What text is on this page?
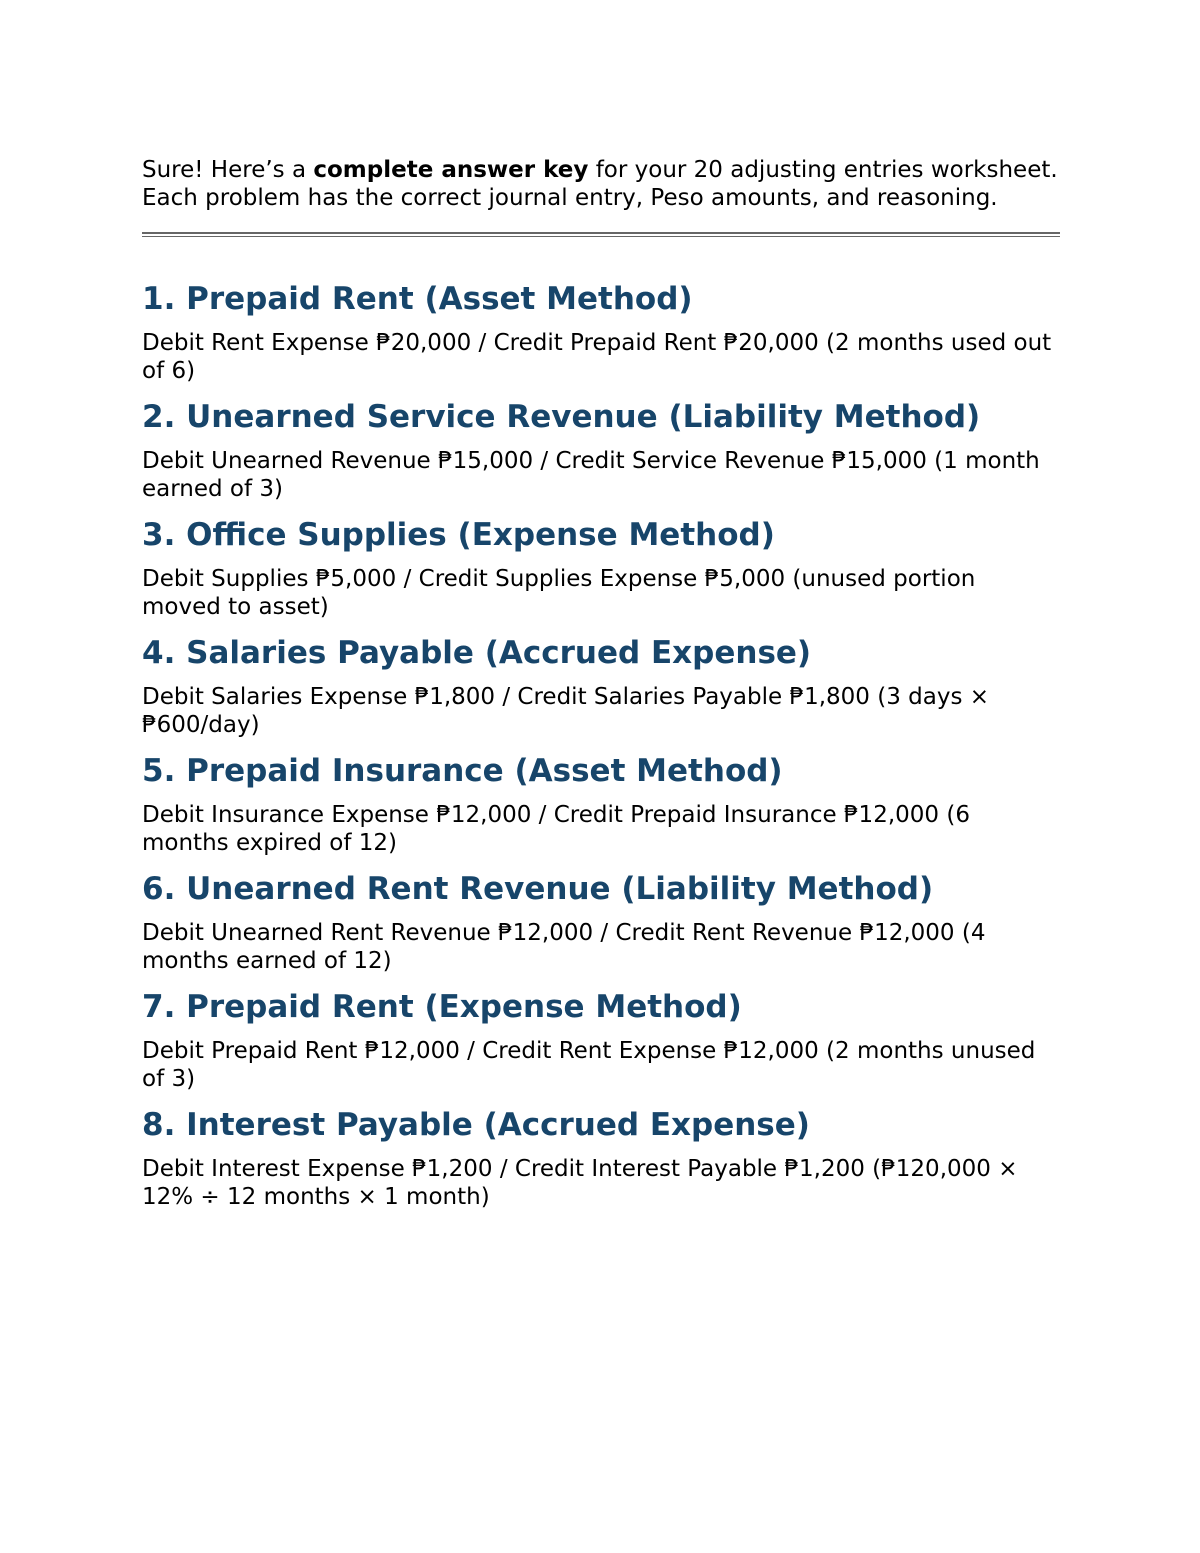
Sure! Here’s a complete answer key for your 20 adjusting entries worksheet. Each problem has the correct journal entry, Peso amounts, and reasoning.

1. Prepaid Rent (Asset Method)

Debit Rent Expense ₱20,000 / Credit Prepaid Rent ₱20,000 (2 months used out of 6)

2. Unearned Service Revenue (Liability Method)

Debit Unearned Revenue ₱15,000 / Credit Service Revenue ₱15,000 (1 month earned of 3)

3. Office Supplies (Expense Method)

Debit Supplies ₱5,000 / Credit Supplies Expense ₱5,000 (unused portion moved to asset)

4. Salaries Payable (Accrued Expense)

Debit Salaries Expense ₱1,800 / Credit Salaries Payable ₱1,800 (3 days × ₱600/day)

5. Prepaid Insurance (Asset Method)

Debit Insurance Expense ₱12,000 / Credit Prepaid Insurance ₱12,000 (6 months expired of 12)

6. Unearned Rent Revenue (Liability Method)

Debit Unearned Rent Revenue ₱12,000 / Credit Rent Revenue ₱12,000 (4 months earned of 12)

7. Prepaid Rent (Expense Method)

Debit Prepaid Rent ₱12,000 / Credit Rent Expense ₱12,000 (2 months unused of 3)

8. Interest Payable (Accrued Expense)

Debit Interest Expense ₱1,200 / Credit Interest Payable ₱1,200 (₱120,000 × 12% ÷ 12 months × 1 month)
